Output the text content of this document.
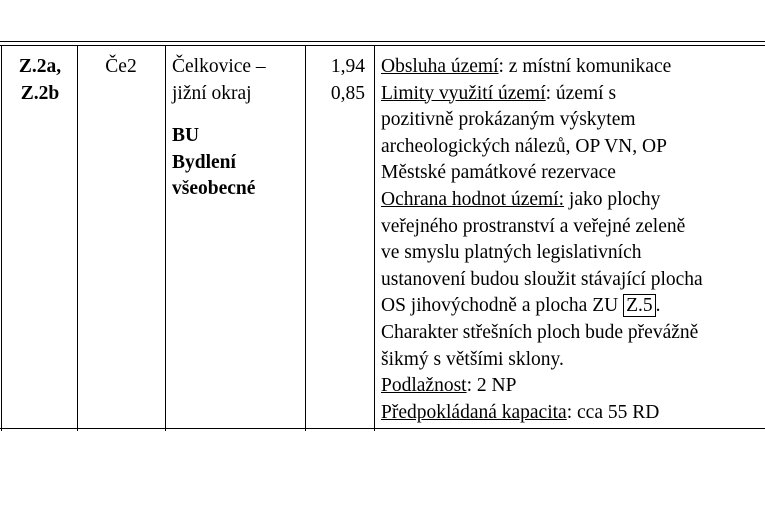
Z.2a,
Z.2b
Če2	Čelkovice –
jižní okraj
BU
Bydlení
všeobecné
1,94
0,85
Obsluha území: z místní komunikace
Limity využití území: území s
pozitivně prokázaným výskytem
archeologických nálezů, OP VN, OP
Městské památkové rezervace
Ochrana hodnot území: jako plochy
veřejného prostranství a veřejné zeleně
ve smyslu platných legislativních
ustanovení budou sloužit stávající plocha
OS jihovýchodně a plocha ZU Z.5 .
Charakter střešních ploch bude převážně
šikmý s většími sklony.
Podlažnost: 2 NP
Předpokládaná kapacita: cca 55 RD
